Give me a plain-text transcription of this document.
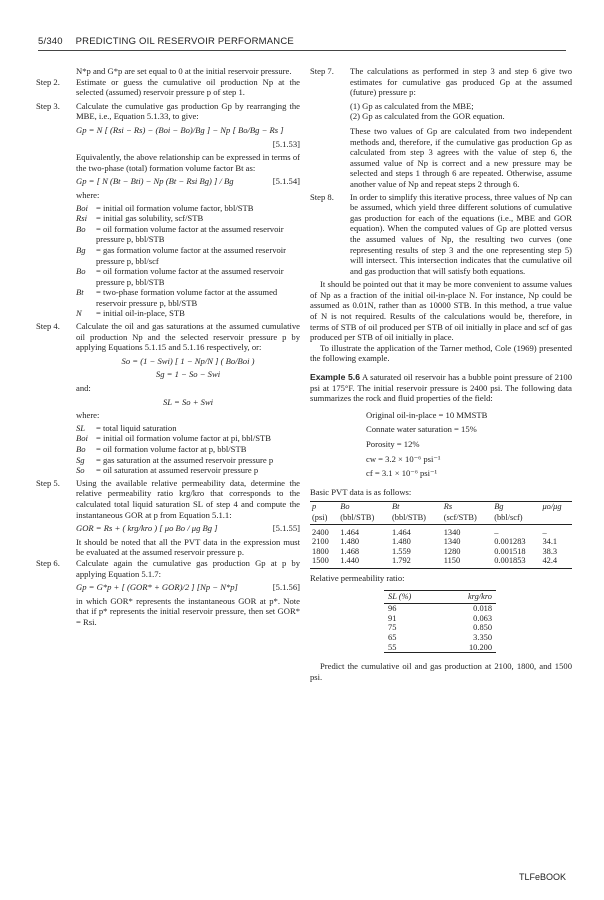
5/340 PREDICTING OIL RESERVOIR PERFORMANCE

N*p and G*p are set equal to 0 at the initial reservoir pressure.

Step 2.	Estimate or guess the cumulative oil production Np at the selected (assumed) reservoir pressure p of step 1.
Step 3.	Calculate the cumulative gas production Gp by rearranging the MBE, i.e., Equation 5.1.33, to give:
Gp = N [ (Rsi − Rs) − (Boi − Bo)/Bg ] − Np [ Bo/Bg − Rs ]
[5.1.53]

Equivalently, the above relationship can be expressed in terms of the two-phase (total) formation volume factor Bt as:

Gp = [ N (Bt − Bti) − Np (Bt − Rsi Bg) ] / Bg	[5.1.54]

where:

Boi	= initial oil formation volume factor, bbl/STB
Rsi	= initial gas solubility, scf/STB
Bo	= oil formation volume factor at the assumed reservoir pressure p, bbl/STB
Bg	= gas formation volume factor at the assumed reservoir pressure p, bbl/scf
Bo	= oil formation volume factor at the assumed reservoir pressure p, bbl/STB
Bt	= two-phase formation volume factor at the assumed reservoir pressure p, bbl/STB
N	= initial oil-in-place, STB
Step 4.	Calculate the oil and gas saturations at the assumed cumulative oil production Np and the selected reservoir pressure p by applying Equations 5.1.15 and 5.1.16 respectively, or:
So = (1 − Swi) [ 1 − Np/N ] ( Bo/Boi )
Sg = 1 − So − Swi

and:

SL = So + Swi

where:

SL	= total liquid saturation
Boi	= initial oil formation volume factor at pi, bbl/STB
Bo	= oil formation volume factor at p, bbl/STB
Sg	= gas saturation at the assumed reservoir pressure p
So	= oil saturation at assumed reservoir pressure p
Step 5.	Using the available relative permeability data, determine the relative permeability ratio krg/kro that corresponds to the calculated total liquid saturation SL of step 4 and compute the instantaneous GOR at p from Equation 5.1.1:
GOR = Rs + ( krg/kro ) [ μo Bo / μg Bg ]	[5.1.55]

It should be noted that all the PVT data in the expression must be evaluated at the assumed reservoir pressure p.

Step 6.	Calculate again the cumulative gas production Gp at p by applying Equation 5.1.7:
Gp = G*p + [ (GOR* + GOR)/2 ] [Np − N*p]	[5.1.56]

in which GOR* represents the instantaneous GOR at p*. Note that if p* represents the initial reservoir pressure, then set GOR* = Rsi.

Step 7.	The calculations as performed in step 3 and step 6 give two estimates for cumulative gas produced Gp at the assumed (future) pressure p:

(1) Gp as calculated from the MBE;

(2) Gp as calculated from the GOR equation.

These two values of Gp are calculated from two independent methods and, therefore, if the cumulative gas production Gp as calculated from step 3 agrees with the value of step 6, the assumed value of Np is correct and a new pressure may be selected and steps 1 through 6 are repeated. Otherwise, assume another value of Np and repeat steps 2 through 6.

Step 8.	In order to simplify this iterative process, three values of Np can be assumed, which yield three different solutions of cumulative gas production for each of the equations (i.e., MBE and GOR equation). When the computed values of Gp are plotted versus the assumed values of Np, the resulting two curves (one representing results of step 3 and the one representing step 5) will intersect. This intersection indicates that the cumulative oil and gas production that will satisfy both equations.

It should be pointed out that it may be more convenient to assume values of Np as a fraction of the initial oil-in-place N. For instance, Np could be assumed as 0.01N, rather than as 10000 STB. In this method, a true value of N is not required. Results of the calculations would be, therefore, in terms of STB of oil produced per STB of oil initially in place and scf of gas produced per STB of oil initially in place.

To illustrate the application of the Tarner method, Cole (1969) presented the following example.

Example 5.6 A saturated oil reservoir has a bubble point pressure of 2100 psi at 175°F. The initial reservoir pressure is 2400 psi. The following data summarizes the rock and fluid properties of the field:

Original oil-in-place = 10 MMSTB

Connate water saturation = 15%

Porosity = 12%

cw = 3.2 × 10⁻⁶ psi⁻¹

cf = 3.1 × 10⁻⁶ psi⁻¹

Basic PVT data is as follows:

p	Bo	Bt	Rs	Bg	μo/μg
(psi)	(bbl/STB)	(bbl/STB)	(scf/STB)	(bbl/scf)	
2400	1.464	1.464	1340	–	–
2100	1.480	1.480	1340	0.001283	34.1
1800	1.468	1.559	1280	0.001518	38.3
1500	1.440	1.792	1150	0.001853	42.4

Relative permeability ratio:

SL (%)	krg/kro
96	0.018
91	0.063
75	0.850
65	3.350
55	10.200

Predict the cumulative oil and gas production at 2100, 1800, and 1500 psi.

TLFeBOOK
